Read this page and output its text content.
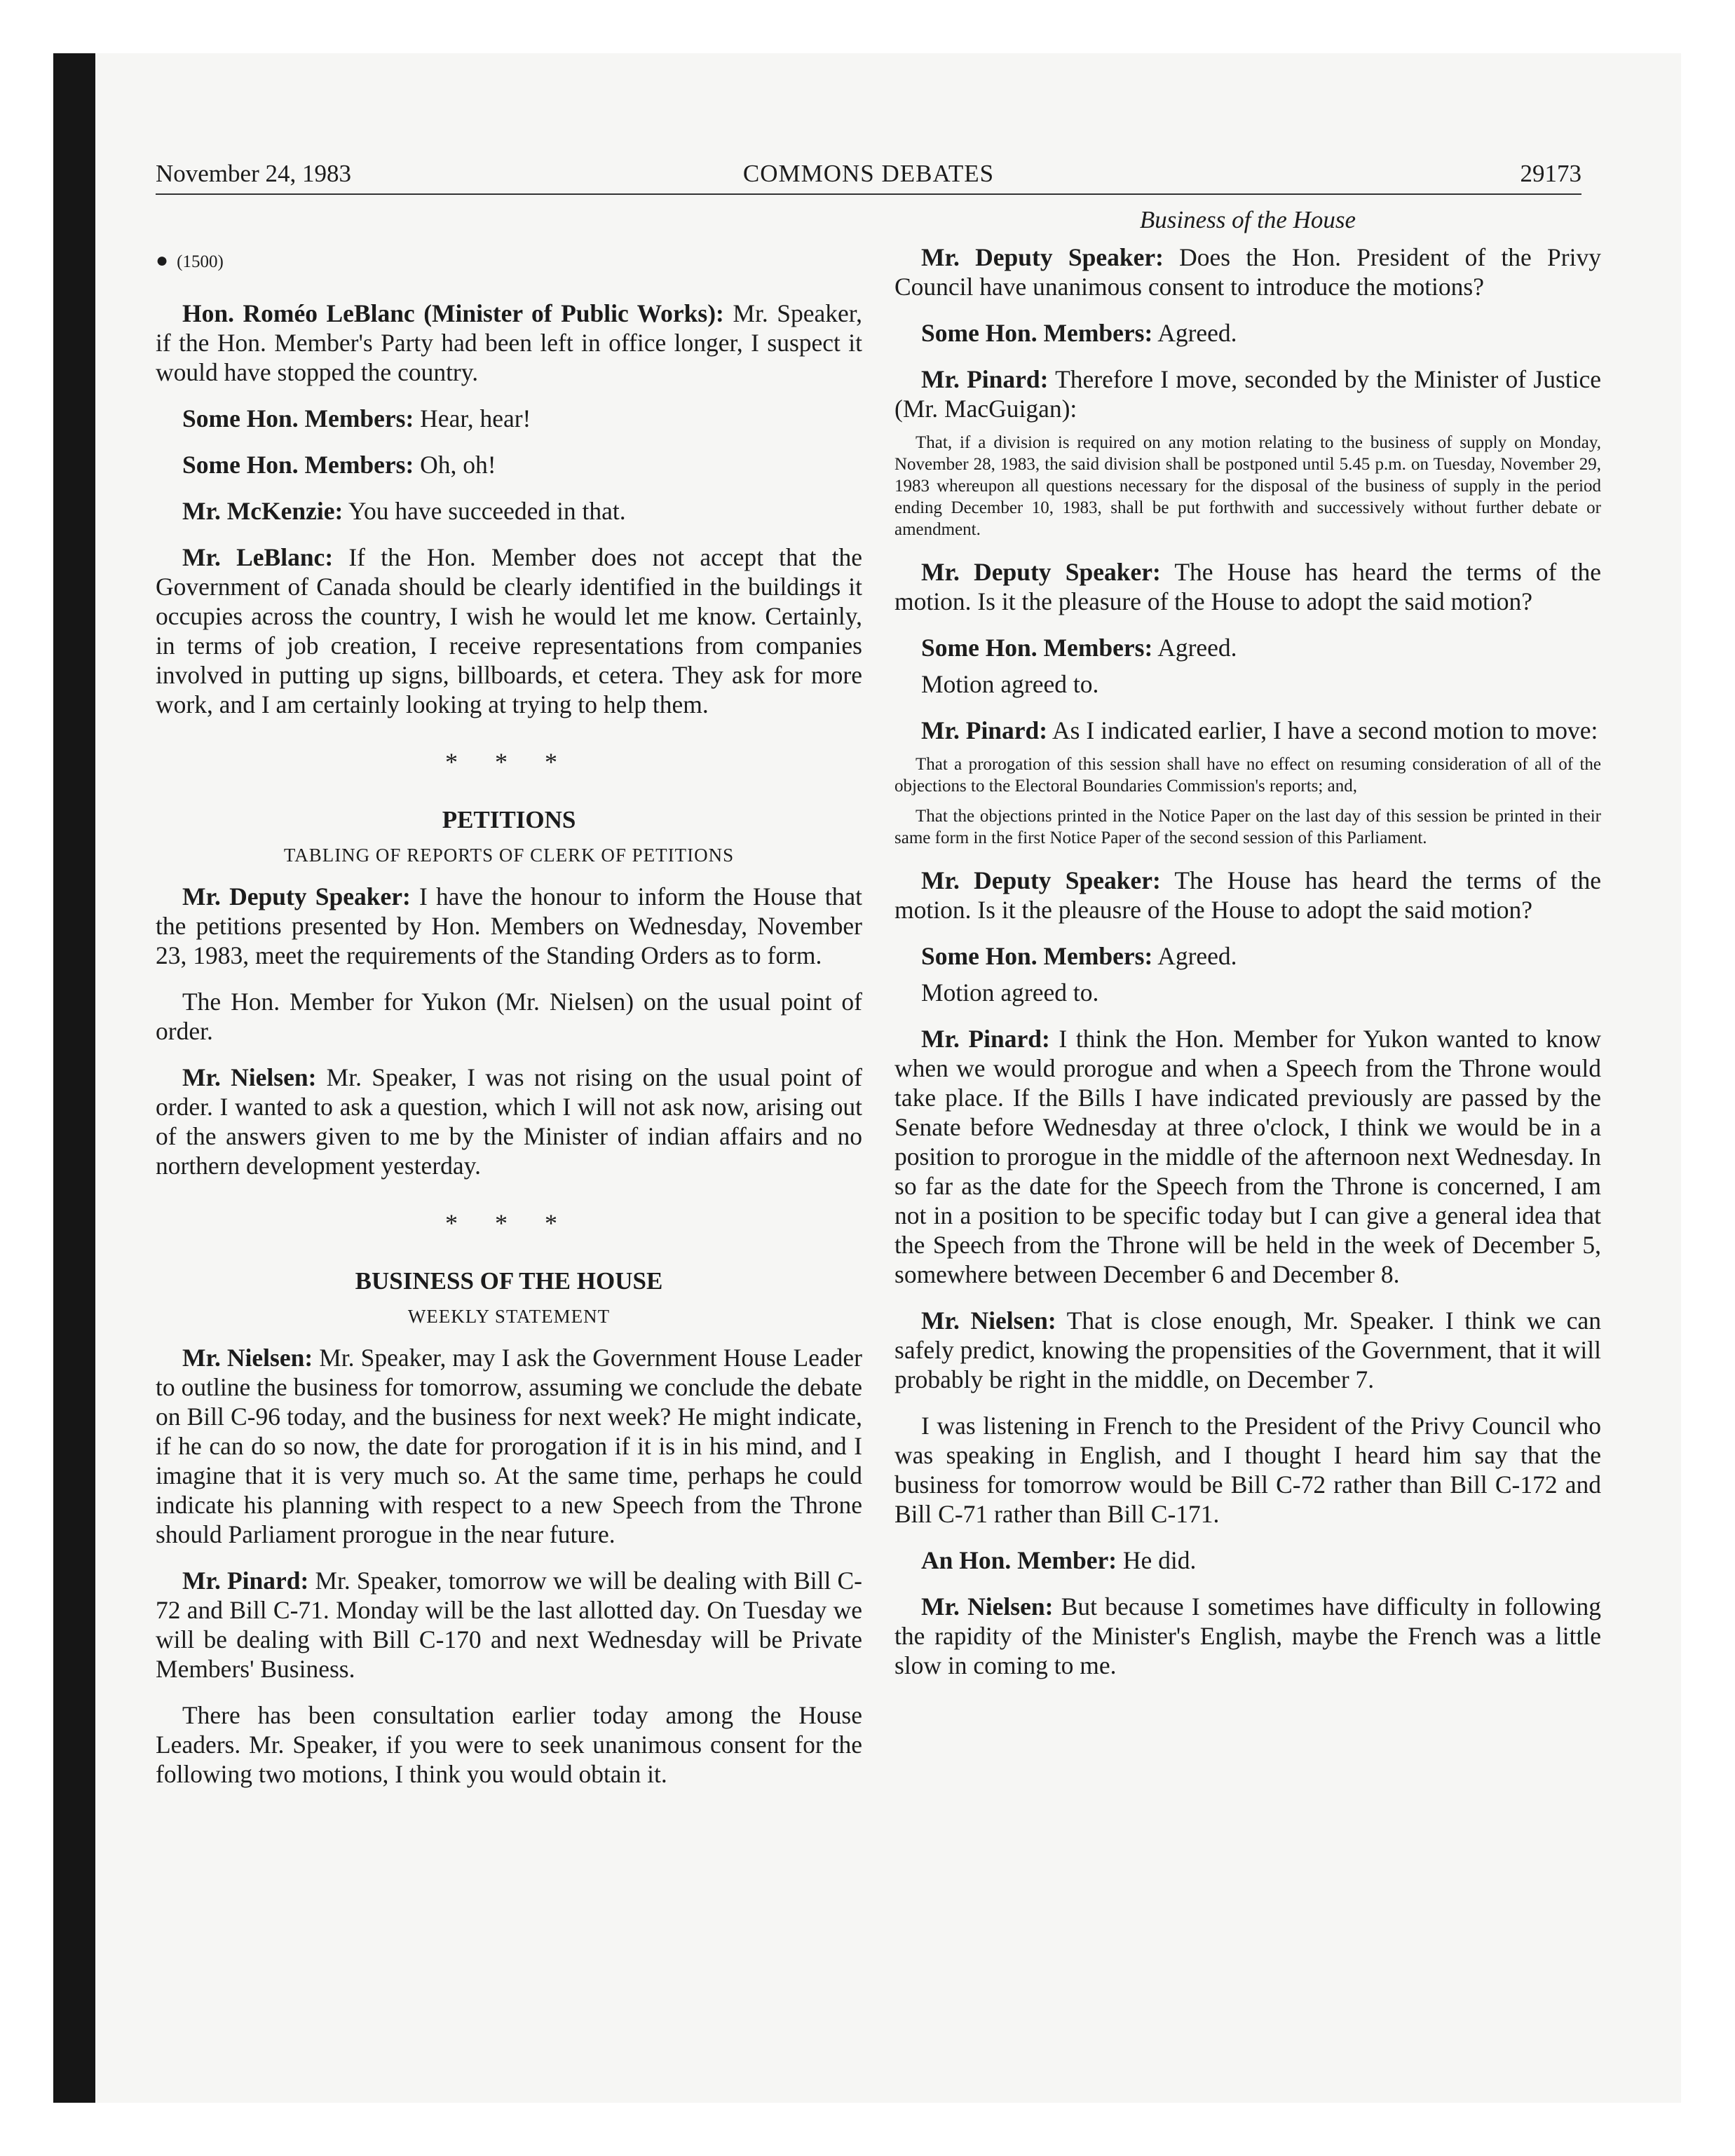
November 24, 1983	COMMONS DEBATES	29173
● (1500)

Hon. Roméo LeBlanc (Minister of Public Works): Mr. Speaker, if the Hon. Member's Party had been left in office longer, I suspect it would have stopped the country.

Some Hon. Members: Hear, hear!

Some Hon. Members: Oh, oh!

Mr. McKenzie: You have succeeded in that.

Mr. LeBlanc: If the Hon. Member does not accept that the Government of Canada should be clearly identified in the buildings it occupies across the country, I wish he would let me know. Certainly, in terms of job creation, I receive representations from companies involved in putting up signs, billboards, et cetera. They ask for more work, and I am certainly looking at trying to help them.

* * *
PETITIONS
TABLING OF REPORTS OF CLERK OF PETITIONS

Mr. Deputy Speaker: I have the honour to inform the House that the petitions presented by Hon. Members on Wednesday, November 23, 1983, meet the requirements of the Standing Orders as to form.

The Hon. Member for Yukon (Mr. Nielsen) on the usual point of order.

Mr. Nielsen: Mr. Speaker, I was not rising on the usual point of order. I wanted to ask a question, which I will not ask now, arising out of the answers given to me by the Minister of indian affairs and no northern development yesterday.

* * *
BUSINESS OF THE HOUSE
WEEKLY STATEMENT

Mr. Nielsen: Mr. Speaker, may I ask the Government House Leader to outline the business for tomorrow, assuming we conclude the debate on Bill C-96 today, and the business for next week? He might indicate, if he can do so now, the date for prorogation if it is in his mind, and I imagine that it is very much so. At the same time, perhaps he could indicate his planning with respect to a new Speech from the Throne should Parliament prorogue in the near future.

Mr. Pinard: Mr. Speaker, tomorrow we will be dealing with Bill C-72 and Bill C-71. Monday will be the last allotted day. On Tuesday we will be dealing with Bill C-170 and next Wednesday will be Private Members' Business.

There has been consultation earlier today among the House Leaders. Mr. Speaker, if you were to seek unanimous consent for the following two motions, I think you would obtain it.

Business of the House

Mr. Deputy Speaker: Does the Hon. President of the Privy Council have unanimous consent to introduce the motions?

Some Hon. Members: Agreed.

Mr. Pinard: Therefore I move, seconded by the Minister of Justice (Mr. MacGuigan):

That, if a division is required on any motion relating to the business of supply on Monday, November 28, 1983, the said division shall be postponed until 5.45 p.m. on Tuesday, November 29, 1983 whereupon all questions necessary for the disposal of the business of supply in the period ending December 10, 1983, shall be put forthwith and successively without further debate or amendment.

Mr. Deputy Speaker: The House has heard the terms of the motion. Is it the pleasure of the House to adopt the said motion?

Some Hon. Members: Agreed.

Motion agreed to.

Mr. Pinard: As I indicated earlier, I have a second motion to move:

That a prorogation of this session shall have no effect on resuming consideration of all of the objections to the Electoral Boundaries Commission's reports; and,

That the objections printed in the Notice Paper on the last day of this session be printed in their same form in the first Notice Paper of the second session of this Parliament.

Mr. Deputy Speaker: The House has heard the terms of the motion. Is it the pleausre of the House to adopt the said motion?

Some Hon. Members: Agreed.

Motion agreed to.

Mr. Pinard: I think the Hon. Member for Yukon wanted to know when we would prorogue and when a Speech from the Throne would take place. If the Bills I have indicated previously are passed by the Senate before Wednesday at three o'clock, I think we would be in a position to prorogue in the middle of the afternoon next Wednesday. In so far as the date for the Speech from the Throne is concerned, I am not in a position to be specific today but I can give a general idea that the Speech from the Throne will be held in the week of December 5, somewhere between December 6 and December 8.

Mr. Nielsen: That is close enough, Mr. Speaker. I think we can safely predict, knowing the propensities of the Government, that it will probably be right in the middle, on December 7.

I was listening in French to the President of the Privy Council who was speaking in English, and I thought I heard him say that the business for tomorrow would be Bill C-72 rather than Bill C-172 and Bill C-71 rather than Bill C-171.

An Hon. Member: He did.

Mr. Nielsen: But because I sometimes have difficulty in following the rapidity of the Minister's English, maybe the French was a little slow in coming to me.
